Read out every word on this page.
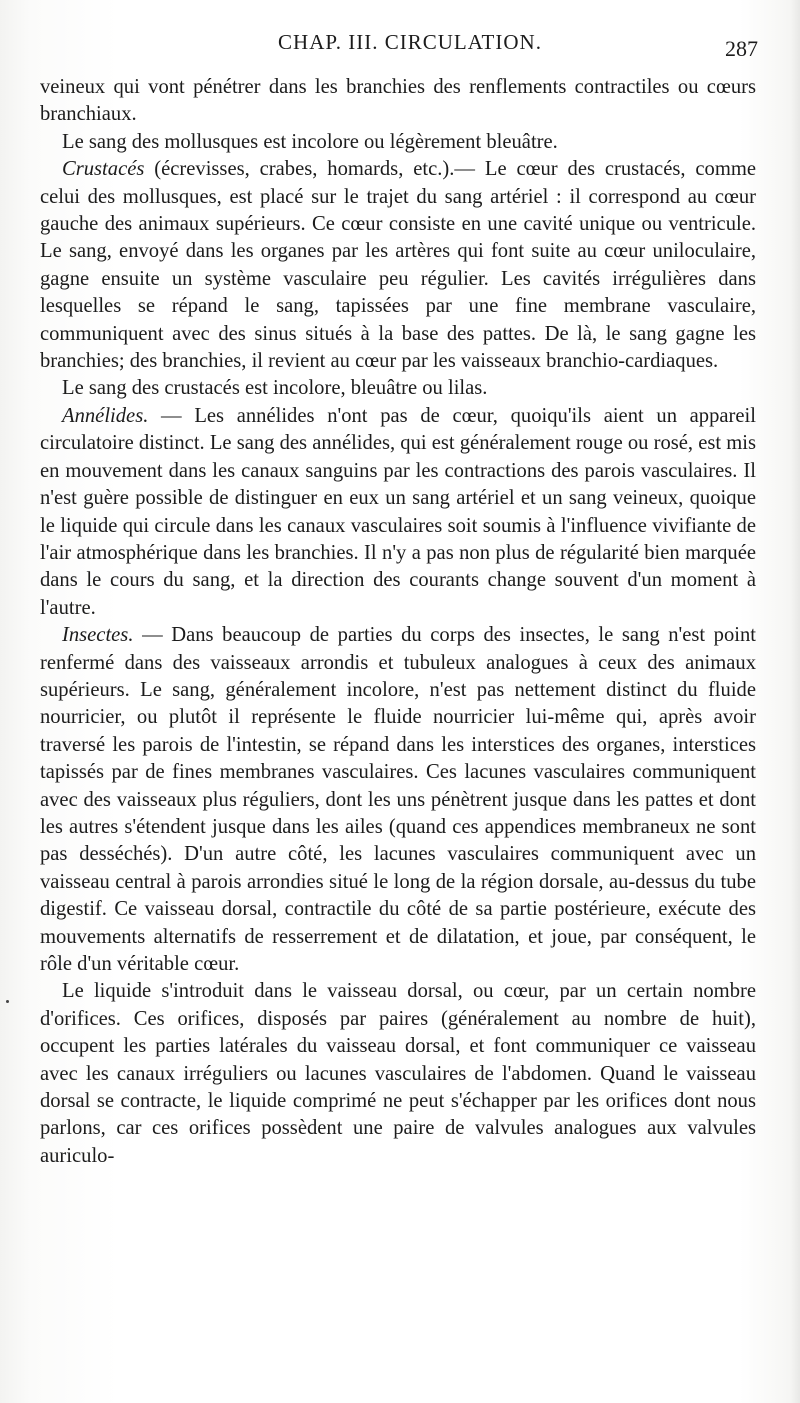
CHAP. III. CIRCULATION.	287

veineux qui vont pénétrer dans les branchies des renflements contractiles ou cœurs branchiaux.

Le sang des mollusques est incolore ou légèrement bleuâtre.

Crustacés (écrevisses, crabes, homards, etc.).— Le cœur des crustacés, comme celui des mollusques, est placé sur le trajet du sang artériel : il correspond au cœur gauche des animaux supérieurs. Ce cœur consiste en une cavité unique ou ventricule. Le sang, envoyé dans les organes par les artères qui font suite au cœur uniloculaire, gagne ensuite un système vasculaire peu régulier. Les cavités irrégulières dans lesquelles se répand le sang, tapissées par une fine membrane vasculaire, communiquent avec des sinus situés à la base des pattes. De là, le sang gagne les branchies; des branchies, il revient au cœur par les vaisseaux branchio-cardiaques.

Le sang des crustacés est incolore, bleuâtre ou lilas.

Annélides. — Les annélides n'ont pas de cœur, quoiqu'ils aient un appareil circulatoire distinct. Le sang des annélides, qui est généralement rouge ou rosé, est mis en mouvement dans les canaux sanguins par les contractions des parois vasculaires. Il n'est guère possible de distinguer en eux un sang artériel et un sang veineux, quoique le liquide qui circule dans les canaux vasculaires soit soumis à l'influence vivifiante de l'air atmosphérique dans les branchies. Il n'y a pas non plus de régularité bien marquée dans le cours du sang, et la direction des courants change souvent d'un moment à l'autre.

Insectes. — Dans beaucoup de parties du corps des insectes, le sang n'est point renfermé dans des vaisseaux arrondis et tubuleux analogues à ceux des animaux supérieurs. Le sang, généralement incolore, n'est pas nettement distinct du fluide nourricier, ou plutôt il représente le fluide nourricier lui-même qui, après avoir traversé les parois de l'intestin, se répand dans les interstices des organes, interstices tapissés par de fines membranes vasculaires. Ces lacunes vasculaires communiquent avec des vaisseaux plus réguliers, dont les uns pénètrent jusque dans les pattes et dont les autres s'étendent jusque dans les ailes (quand ces appendices membraneux ne sont pas desséchés). D'un autre côté, les lacunes vasculaires communiquent avec un vaisseau central à parois arrondies situé le long de la région dorsale, au-dessus du tube digestif. Ce vaisseau dorsal, contractile du côté de sa partie postérieure, exécute des mouvements alternatifs de resserrement et de dilatation, et joue, par conséquent, le rôle d'un véritable cœur.

Le liquide s'introduit dans le vaisseau dorsal, ou cœur, par un certain nombre d'orifices. Ces orifices, disposés par paires (généralement au nombre de huit), occupent les parties latérales du vaisseau dorsal, et font communiquer ce vaisseau avec les canaux irréguliers ou lacunes vasculaires de l'abdomen. Quand le vaisseau dorsal se contracte, le liquide comprimé ne peut s'échapper par les orifices dont nous parlons, car ces orifices possèdent une paire de valvules analogues aux valvules auriculo-
